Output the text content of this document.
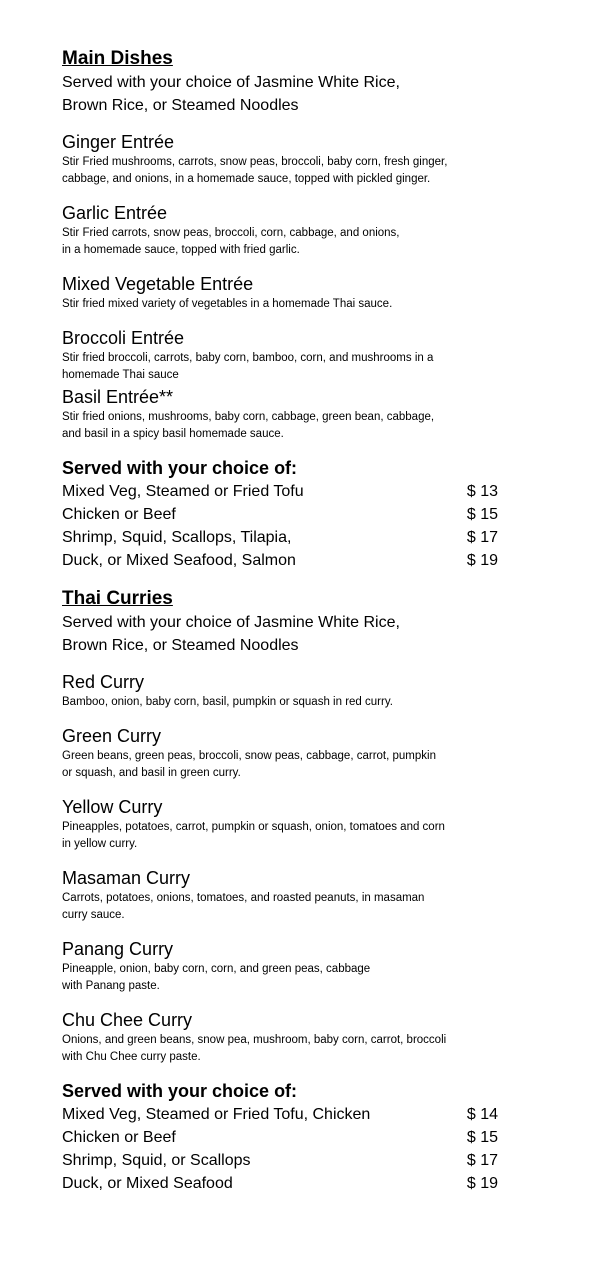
Main Dishes

Served with your choice of Jasmine White Rice,

Brown Rice, or Steamed Noodles

Ginger Entrée

Stir Fried mushrooms, carrots, snow peas, broccoli, baby corn, fresh ginger,
cabbage, and onions, in a homemade sauce, topped with pickled ginger.

Garlic Entrée

Stir Fried carrots, snow peas, broccoli, corn, cabbage, and onions,
in a homemade sauce, topped with fried garlic.

Mixed Vegetable Entrée

Stir fried mixed variety of vegetables in a homemade Thai sauce.

Broccoli Entrée

Stir fried broccoli, carrots, baby corn, bamboo, corn, and mushrooms in a
homemade Thai sauce

Basil Entrée**

Stir fried onions, mushrooms, baby corn, cabbage, green bean, cabbage,
and basil in a spicy basil homemade sauce.

Served with your choice of:

Mixed Veg, Steamed or Fried Tofu	$ 13
Chicken or Beef	$ 15
Shrimp, Squid, Scallops, Tilapia,	$ 17
Duck, or Mixed Seafood, Salmon	$ 19
Thai Curries

Served with your choice of Jasmine White Rice,

Brown Rice, or Steamed Noodles

Red Curry

Bamboo, onion, baby corn, basil, pumpkin or squash in red curry.

Green Curry

Green beans, green peas, broccoli, snow peas, cabbage, carrot, pumpkin
or squash, and basil in green curry.

Yellow Curry

Pineapples, potatoes, carrot, pumpkin or squash, onion, tomatoes and corn
in yellow curry.

Masaman Curry

Carrots, potatoes, onions, tomatoes, and roasted peanuts, in masaman
curry sauce.

Panang Curry

Pineapple, onion, baby corn, corn, and green peas, cabbage
with Panang paste.

Chu Chee Curry

Onions, and green beans, snow pea, mushroom, baby corn, carrot, broccoli
with Chu Chee curry paste.

Served with your choice of:

Mixed Veg, Steamed or Fried Tofu, Chicken	$ 14
Chicken or Beef	$ 15
Shrimp, Squid, or Scallops	$ 17
Duck, or Mixed Seafood	$ 19
